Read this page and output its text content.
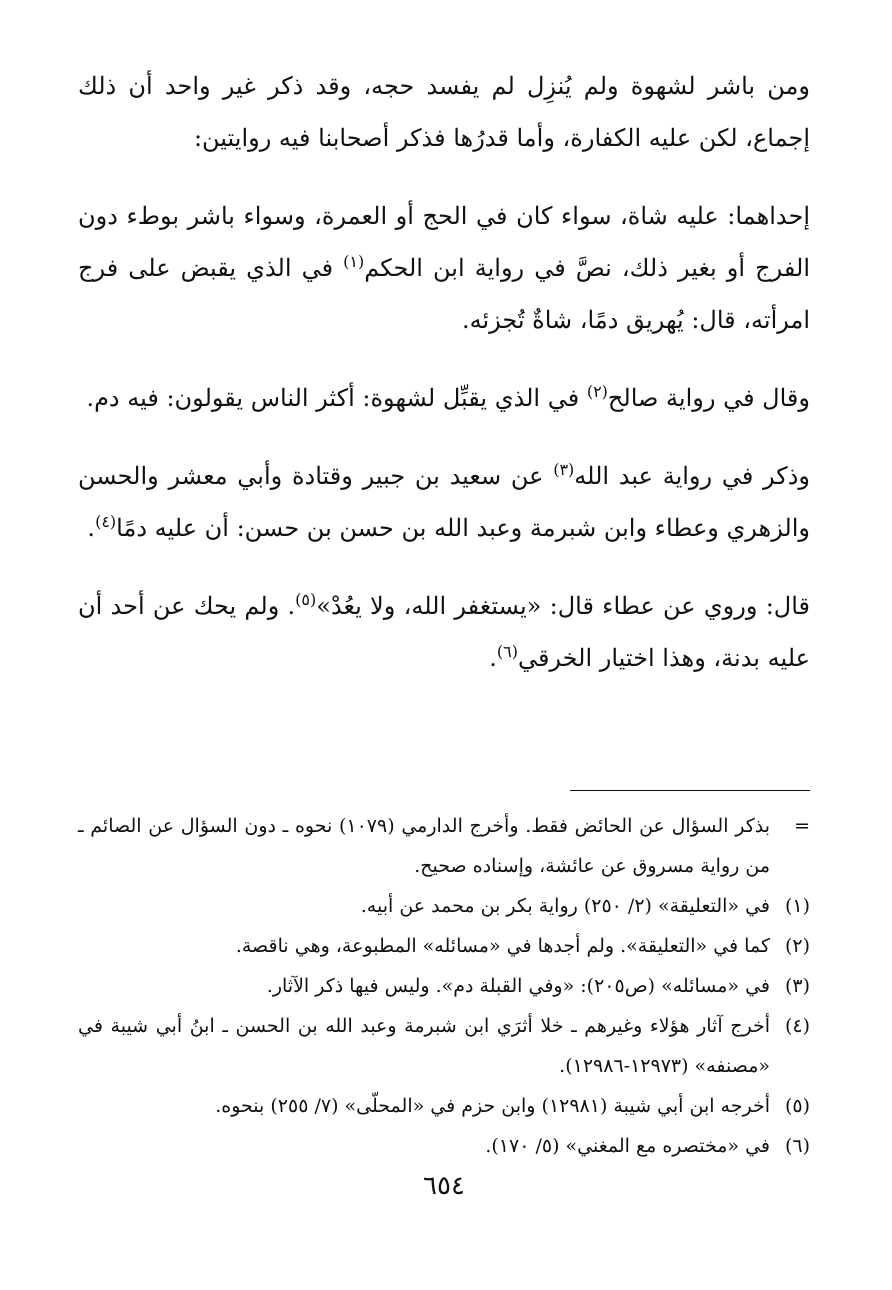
ومن باشر لشهوة ولم يُنزِل لم يفسد حجه، وقد ذكر غير واحد أن ذلك إجماع، لكن عليه الكفارة، وأما قدرُها فذكر أصحابنا فيه روايتين:

إحداهما: عليه شاة، سواء كان في الحج أو العمرة، وسواء باشر بوطء دون الفرج أو بغير ذلك، نصَّ في رواية ابن الحكم$^{(١)}$ في الذي يقبض على فرج امرأته، قال: يُهريق دمًا، شاةٌ تُجزئه.

وقال في رواية صالح$^{(٢)}$ في الذي يقبِّل لشهوة: أكثر الناس يقولون: فيه دم.

وذكر في رواية عبد الله$^{(٣)}$ عن سعيد بن جبير وقتادة وأبي معشر والحسن والزهري وعطاء وابن شبرمة وعبد الله بن حسن بن حسن: أن عليه دمًا$^{(٤)}$.

قال: وروي عن عطاء قال: «يستغفر الله، ولا يعُدْ»$^{(٥)}$. ولم يحك عن أحد أن عليه بدنة، وهذا اختيار الخرقي$^{(٦)}$.

=
بذكر السؤال عن الحائض فقط. وأخرج الدارمي (١٠٧٩) نحوه ـ دون السؤال عن الصائم ـ من رواية مسروق عن عائشة، وإسناده صحيح.
(١)
في «التعليقة» (٢/ ٢٥٠) رواية بكر بن محمد عن أبيه.
(٢)
كما في «التعليقة». ولم أجدها في «مسائله» المطبوعة، وهي ناقصة.
(٣)
في «مسائله» (ص٢٠٥): «وفي القبلة دم». وليس فيها ذكر الآثار.
(٤)
أخرج آثار هؤلاء وغيرهم ـ خلا أثرَي ابن شبرمة وعبد الله بن الحسن ـ ابنُ أبي شيبة في «مصنفه» (١٢٩٧٣-١٢٩٨٦).
(٥)
أخرجه ابن أبي شيبة (١٢٩٨١) وابن حزم في «المحلّى» (٧/ ٢٥٥) بنحوه.
(٦)
في «مختصره مع المغني» (٥/ ١٧٠).
٦٥٤
